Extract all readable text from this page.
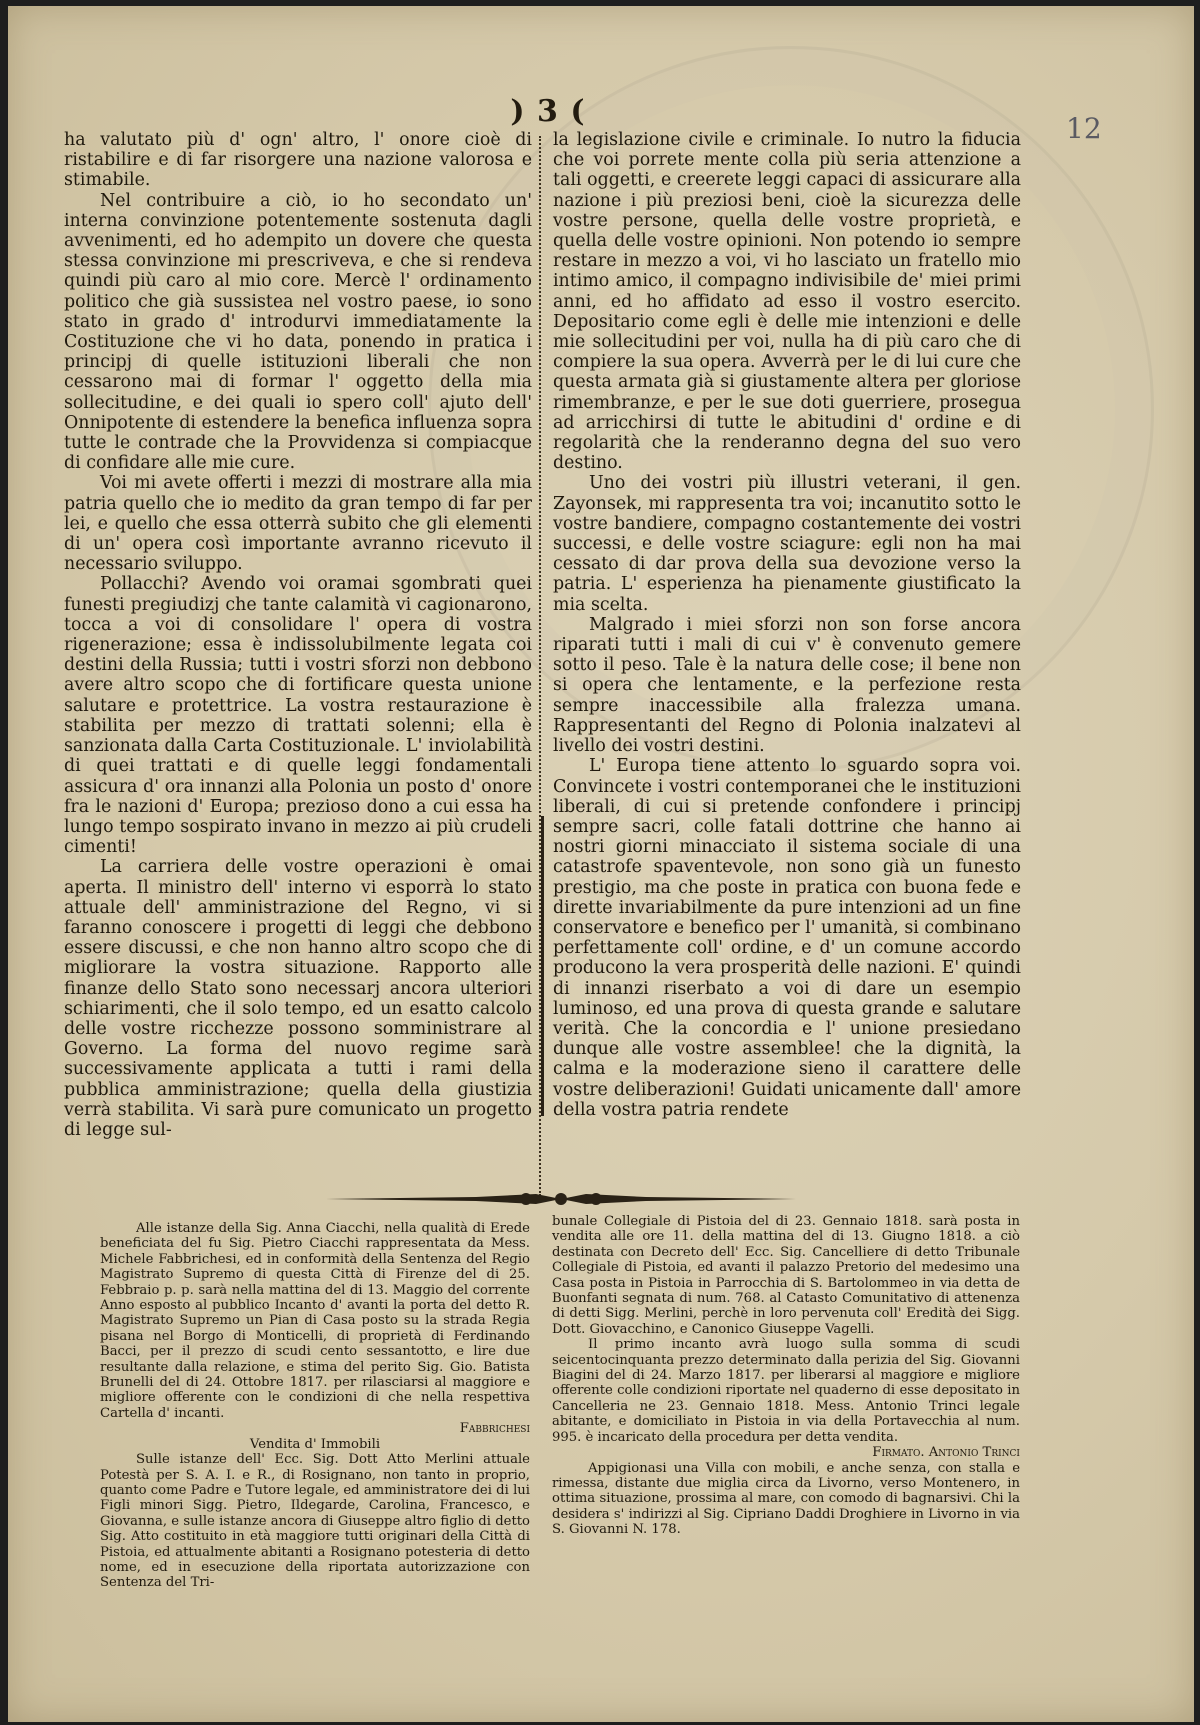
) 3 (	12

ha valutato più d' ogn' altro, l' onore cioè di ristabilire e di far risorgere una nazione valorosa e stimabile.

Nel contribuire a ciò, io ho secondato un' interna convinzione potentemente sostenuta dagli avvenimenti, ed ho adempito un dovere che questa stessa convinzione mi prescriveva, e che si rendeva quindi più caro al mio core. Mercè l' ordinamento politico che già sussistea nel vostro paese, io sono stato in grado d' introdurvi immediatamente la Costituzione che vi ho data, ponendo in pratica i principj di quelle istituzioni liberali che non cessarono mai di formar l' oggetto della mia sollecitudine, e dei quali io spero coll' ajuto dell' Onnipotente di estendere la benefica influenza sopra tutte le contrade che la Provvidenza si compiacque di confidare alle mie cure.

Voi mi avete offerti i mezzi di mostrare alla mia patria quello che io medito da gran tempo di far per lei, e quello che essa otterrà subito che gli elementi di un' opera così importante avranno ricevuto il necessario sviluppo.

Pollacchi? Avendo voi oramai sgombrati quei funesti pregiudizj che tante calamità vi cagionarono, tocca a voi di consolidare l' opera di vostra rigenerazione; essa è indissolubilmente legata coi destini della Russia; tutti i vostri sforzi non debbono avere altro scopo che di fortificare questa unione salutare e protettrice. La vostra restaurazione è stabilita per mezzo di trattati solenni; ella è sanzionata dalla Carta Costituzionale. L' inviolabilità di quei trattati e di quelle leggi fondamentali assicura d' ora innanzi alla Polonia un posto d' onore fra le nazioni d' Europa; prezioso dono a cui essa ha lungo tempo sospirato invano in mezzo ai più crudeli cimenti!

La carriera delle vostre operazioni è omai aperta. Il ministro dell' interno vi esporrà lo stato attuale dell' amministrazione del Regno, vi si faranno conoscere i progetti di leggi che debbono essere discussi, e che non hanno altro scopo che di migliorare la vostra situazione. Rapporto alle finanze dello Stato sono necessarj ancora ulteriori schiarimenti, che il solo tempo, ed un esatto calcolo delle vostre ricchezze possono somministrare al Governo. La forma del nuovo regime sarà successivamente applicata a tutti i rami della pubblica amministrazione; quella della giustizia verrà stabilita. Vi sarà pure comunicato un progetto di legge sul-

la legislazione civile e criminale. Io nutro la fiducia che voi porrete mente colla più seria attenzione a tali oggetti, e creerete leggi capaci di assicurare alla nazione i più preziosi beni, cioè la sicurezza delle vostre persone, quella delle vostre proprietà, e quella delle vostre opinioni. Non potendo io sempre restare in mezzo a voi, vi ho lasciato un fratello mio intimo amico, il compagno indivisibile de' miei primi anni, ed ho affidato ad esso il vostro esercito. Depositario come egli è delle mie intenzioni e delle mie sollecitudini per voi, nulla ha di più caro che di compiere la sua opera. Avverrà per le di lui cure che questa armata già si giustamente altera per gloriose rimembranze, e per le sue doti guerriere, prosegua ad arricchirsi di tutte le abitudini d' ordine e di regolarità che la renderanno degna del suo vero destino.

Uno dei vostri più illustri veterani, il gen. Zayonsek, mi rappresenta tra voi; incanutito sotto le vostre bandiere, compagno costantemente dei vostri successi, e delle vostre sciagure: egli non ha mai cessato di dar prova della sua devozione verso la patria. L' esperienza ha pienamente giustificato la mia scelta.

Malgrado i miei sforzi non son forse ancora riparati tutti i mali di cui v' è convenuto gemere sotto il peso. Tale è la natura delle cose; il bene non si opera che lentamente, e la perfezione resta sempre inaccessibile alla fralezza umana. Rappresentanti del Regno di Polonia inalzatevi al livello dei vostri destini.

L' Europa tiene attento lo sguardo sopra voi. Convincete i vostri contemporanei che le instituzioni liberali, di cui si pretende confondere i principj sempre sacri, colle fatali dottrine che hanno ai nostri giorni minacciato il sistema sociale di una catastrofe spaventevole, non sono già un funesto prestigio, ma che poste in pratica con buona fede e dirette invariabilmente da pure intenzioni ad un fine conservatore e benefico per l' umanità, si combinano perfettamente coll' ordine, e d' un comune accordo producono la vera prosperità delle nazioni. E' quindi di innanzi riserbato a voi di dare un esempio luminoso, ed una prova di questa grande e salutare verità. Che la concordia e l' unione presiedano dunque alle vostre assemblee! che la dignità, la calma e la moderazione sieno il carattere delle vostre deliberazioni! Guidati unicamente dall' amore della vostra patria rendete

Alle istanze della Sig. Anna Ciacchi, nella qualità di Erede beneficiata del fu Sig. Pietro Ciacchi rappresentata da Mess. Michele Fabbrichesi, ed in conformità della Sentenza del Regio Magistrato Supremo di questa Città di Firenze del di 25. Febbraio p. p. sarà nella mattina del di 13. Maggio del corrente Anno esposto al pubblico Incanto d' avanti la porta del detto R. Magistrato Supremo un Pian di Casa posto su la strada Regia pisana nel Borgo di Monticelli, di proprietà di Ferdinando Bacci, per il prezzo di scudi cento sessantotto, e lire due resultante dalla relazione, e stima del perito Sig. Gio. Batista Brunelli del di 24. Ottobre 1817. per rilasciarsi al maggiore e migliore offerente con le condizioni di che nella respettiva Cartella d' incanti.

Fabbrichesi

Vendita d' Immobili

Sulle istanze dell' Ecc. Sig. Dott Atto Merlini attuale Potestà per S. A. I. e R., di Rosignano, non tanto in proprio, quanto come Padre e Tutore legale, ed amministratore dei di lui Figli minori Sigg. Pietro, Ildegarde, Carolina, Francesco, e Giovanna, e sulle istanze ancora di Giuseppe altro figlio di detto Sig. Atto costituito in età maggiore tutti originari della Città di Pistoia, ed attualmente abitanti a Rosignano potesteria di detto nome, ed in esecuzione della riportata autorizzazione con Sentenza del Tri-

bunale Collegiale di Pistoia del di 23. Gennaio 1818. sarà posta in vendita alle ore 11. della mattina del di 13. Giugno 1818. a ciò destinata con Decreto dell' Ecc. Sig. Cancelliere di detto Tribunale Collegiale di Pistoia, ed avanti il palazzo Pretorio del medesimo una Casa posta in Pistoia in Parrocchia di S. Bartolommeo in via detta de Buonfanti segnata di num. 768. al Catasto Comunitativo di attenenza di detti Sigg. Merlini, perchè in loro pervenuta coll' Eredità dei Sigg. Dott. Giovacchino, e Canonico Giuseppe Vagelli.

Il primo incanto avrà luogo sulla somma di scudi seicentocinquanta prezzo determinato dalla perizia del Sig. Giovanni Biagini del di 24. Marzo 1817. per liberarsi al maggiore e migliore offerente colle condizioni riportate nel quaderno di esse depositato in Cancelleria ne 23. Gennaio 1818. Mess. Antonio Trinci legale abitante, e domiciliato in Pistoia in via della Portavecchia al num. 995. è incaricato della procedura per detta vendita.

Firmato. Antonio Trinci

Appigionasi una Villa con mobili, e anche senza, con stalla e rimessa, distante due miglia circa da Livorno, verso Montenero, in ottima situazione, prossima al mare, con comodo di bagnarsivi. Chi la desidera s' indirizzi al Sig. Cipriano Daddi Droghiere in Livorno in via S. Giovanni N. 178.
